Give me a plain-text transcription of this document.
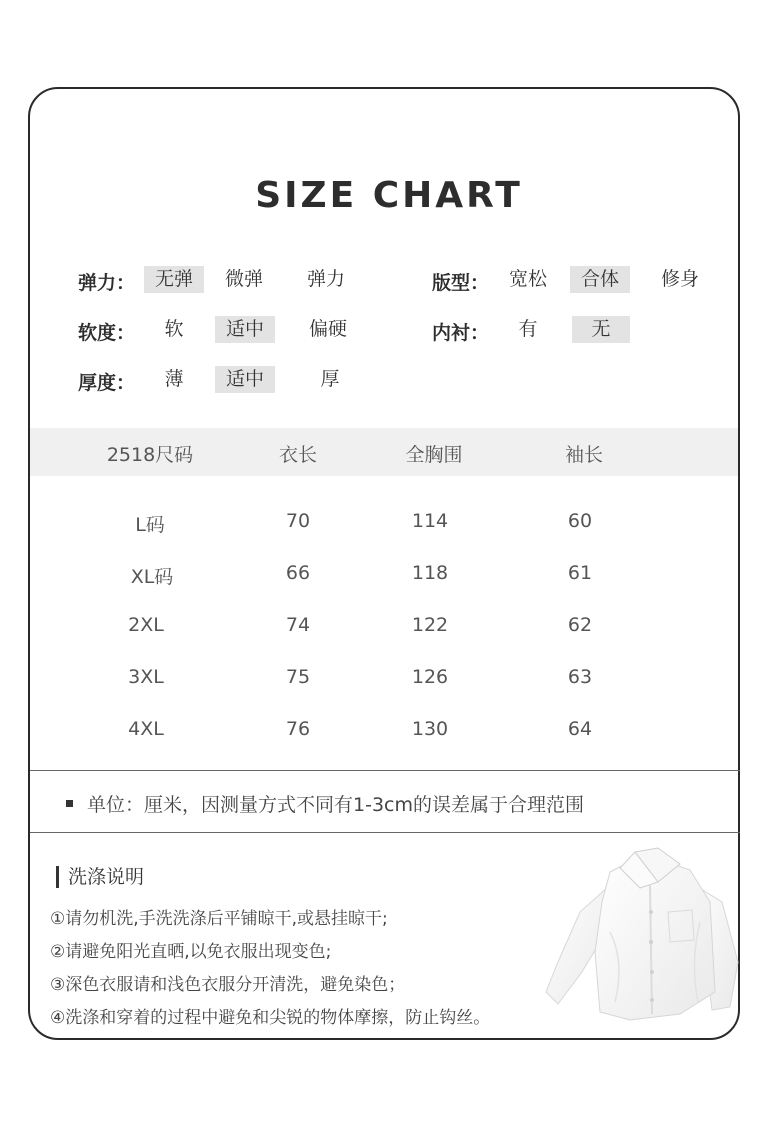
SIZE CHART
弹力：	无弹	微弹	弹力	版型：	宽松	合体	修身
软度：	软	适中	偏硬	内衬：	有	无
厚度：	薄	适中	厚
2518尺码	衣长	全胸围	袖长
L码	70	114	60
XL码	66	118	61
2XL	74	122	62
3XL	75	126	63
4XL	76	130	64
单位：厘米，因测量方式不同有1-3cm的误差属于合理范围
洗涤说明
①请勿机洗,手洗洗涤后平铺晾干,或悬挂晾干;
②请避免阳光直晒,以免衣服出现变色;
③深色衣服请和浅色衣服分开清洗，避免染色；
④洗涤和穿着的过程中避免和尖锐的物体摩擦，防止钩丝。
